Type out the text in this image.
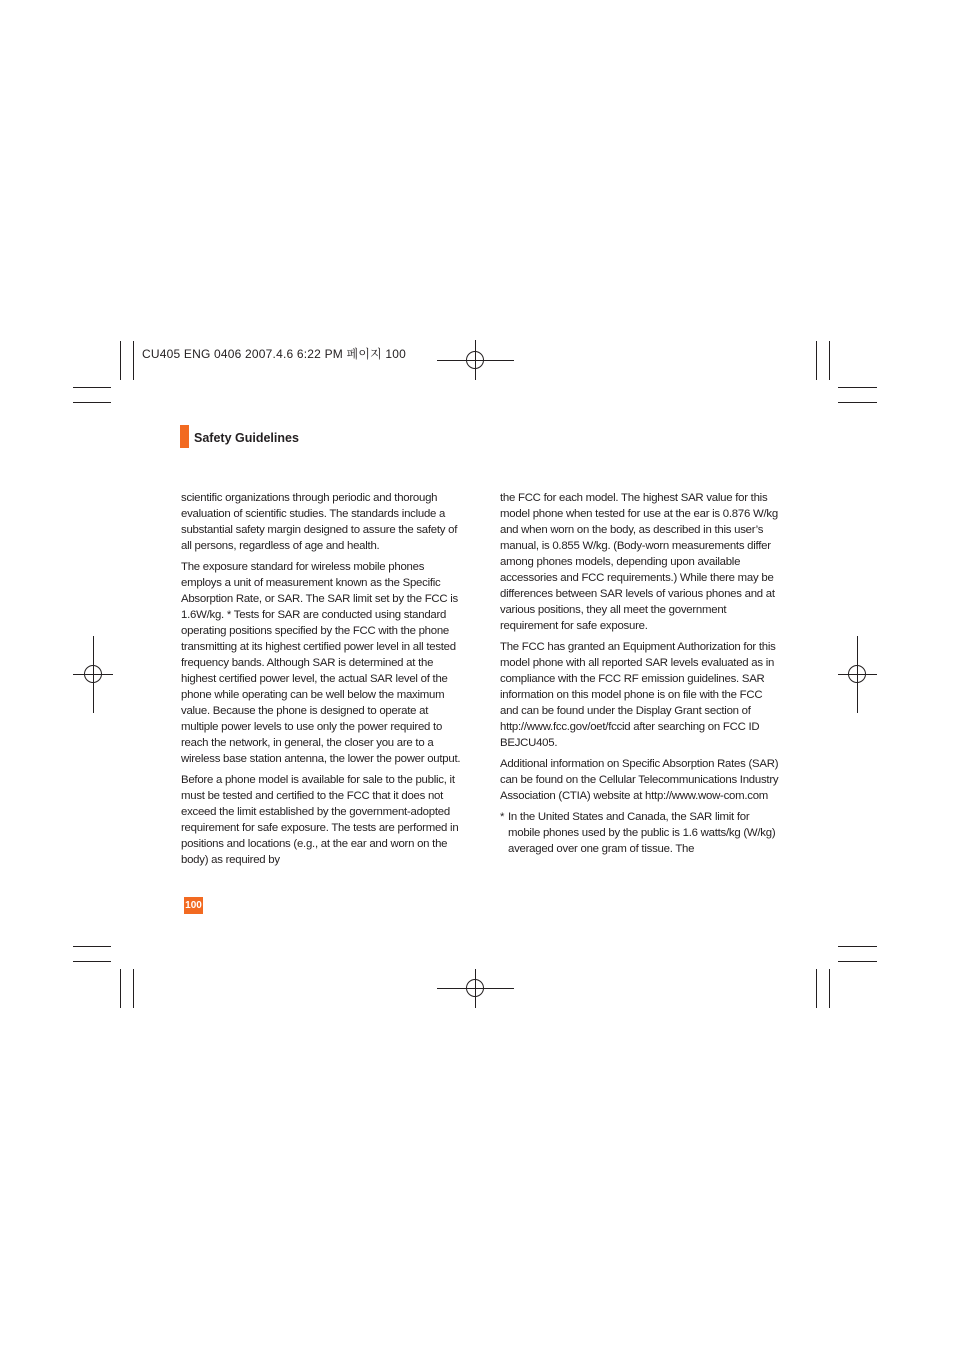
CU405 ENG 0406 2007.4.6 6:22 PM 페이지 100
Safety Guidelines

scientific organizations through periodic and thorough evaluation of scientific studies. The standards include a substantial safety margin designed to assure the safety of all persons, regardless of age and health.

The exposure standard for wireless mobile phones employs a unit of measurement known as the Specific Absorption Rate, or SAR. The SAR limit set by the FCC is 1.6W/kg. * Tests for SAR are conducted using standard operating positions specified by the FCC with the phone transmitting at its highest certified power level in all tested frequency bands. Although SAR is determined at the highest certified power level, the actual SAR level of the phone while operating can be well below the maximum value. Because the phone is designed to operate at multiple power levels to use only the power required to reach the network, in general, the closer you are to a wireless base station antenna, the lower the power output.

Before a phone model is available for sale to the public, it must be tested and certified to the FCC that it does not exceed the limit established by the government-adopted requirement for safe exposure. The tests are performed in positions and locations (e.g., at the ear and worn on the body) as required by

the FCC for each model. The highest SAR value for this model phone when tested for use at the ear is 0.876 W/kg and when worn on the body, as described in this user’s manual, is 0.855 W/kg. (Body-worn measurements differ among phones models, depending upon available accessories and FCC requirements.) While there may be differences between SAR levels of various phones and at various positions, they all meet the government requirement for safe exposure.

The FCC has granted an Equipment Authorization for this model phone with all reported SAR levels evaluated as in compliance with the FCC RF emission guidelines. SAR information on this model phone is on file with the FCC and can be found under the Display Grant section of http://www.fcc.gov/oet/fccid after searching on FCC ID BEJCU405.

Additional information on Specific Absorption Rates (SAR) can be found on the Cellular Telecommunications Industry Association (CTIA) website at http://www.wow-com.com

* In the United States and Canada, the SAR limit for mobile phones used by the public is 1.6 watts/kg (W/kg) averaged over one gram of tissue. The

100
